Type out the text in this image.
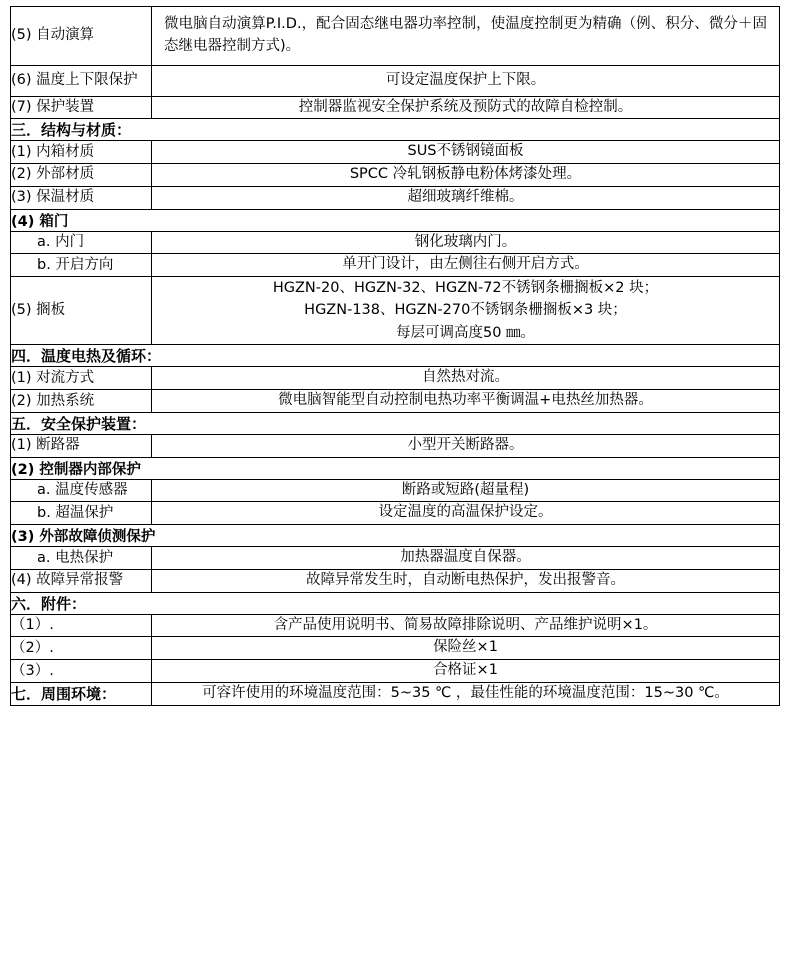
(5) 自动演算	微电脑自动演算P.I.D.，配合固态继电器功率控制，使温度控制更为精确（例、积分、微分＋固态继电器控制方式)。
(6) 温度上下限保护	可设定温度保护上下限。
(7) 保护装置	控制器监视安全保护系统及预防式的故障自检控制。
三．结构与材质：	
(1) 内箱材质	SUS不锈钢镜面板
(2) 外部材质	SPCC 冷轧钢板静电粉体烤漆处理。
(3) 保温材质	超细玻璃纤维棉。
(4) 箱门	
a. 内门	钢化玻璃内门。
b. 开启方向	单开门设计，由左侧往右侧开启方式。
(5) 搁板	HGZN-20、HGZN-32、HGZN-72不锈钢条栅搁板×2 块；
HGZN-138、HGZN-270不锈钢条栅搁板×3 块；
每层可调高度50 ㎜。

四．温度电热及循环：	
(1) 对流方式	自然热对流。
(2) 加热系统	微电脑智能型自动控制电热功率平衡调温+电热丝加热器。
五．安全保护装置：	
(1) 断路器	小型开关断路器。
(2) 控制器内部保护	
a. 温度传感器	断路或短路(超量程)
b. 超温保护	设定温度的高温保护设定。
(3) 外部故障侦测保护	
a. 电热保护	加热器温度自保器。
(4) 故障异常报警	故障异常发生时，自动断电热保护，发出报警音。
六．附件：	
（1）.	含产品使用说明书、简易故障排除说明、产品维护说明×1。
（2）.	保险丝×1
（3）.	合格证×1
七．周围环境：	可容许使用的环境温度范围：5~35 ℃ ，最佳性能的环境温度范围：15~30 ℃。
